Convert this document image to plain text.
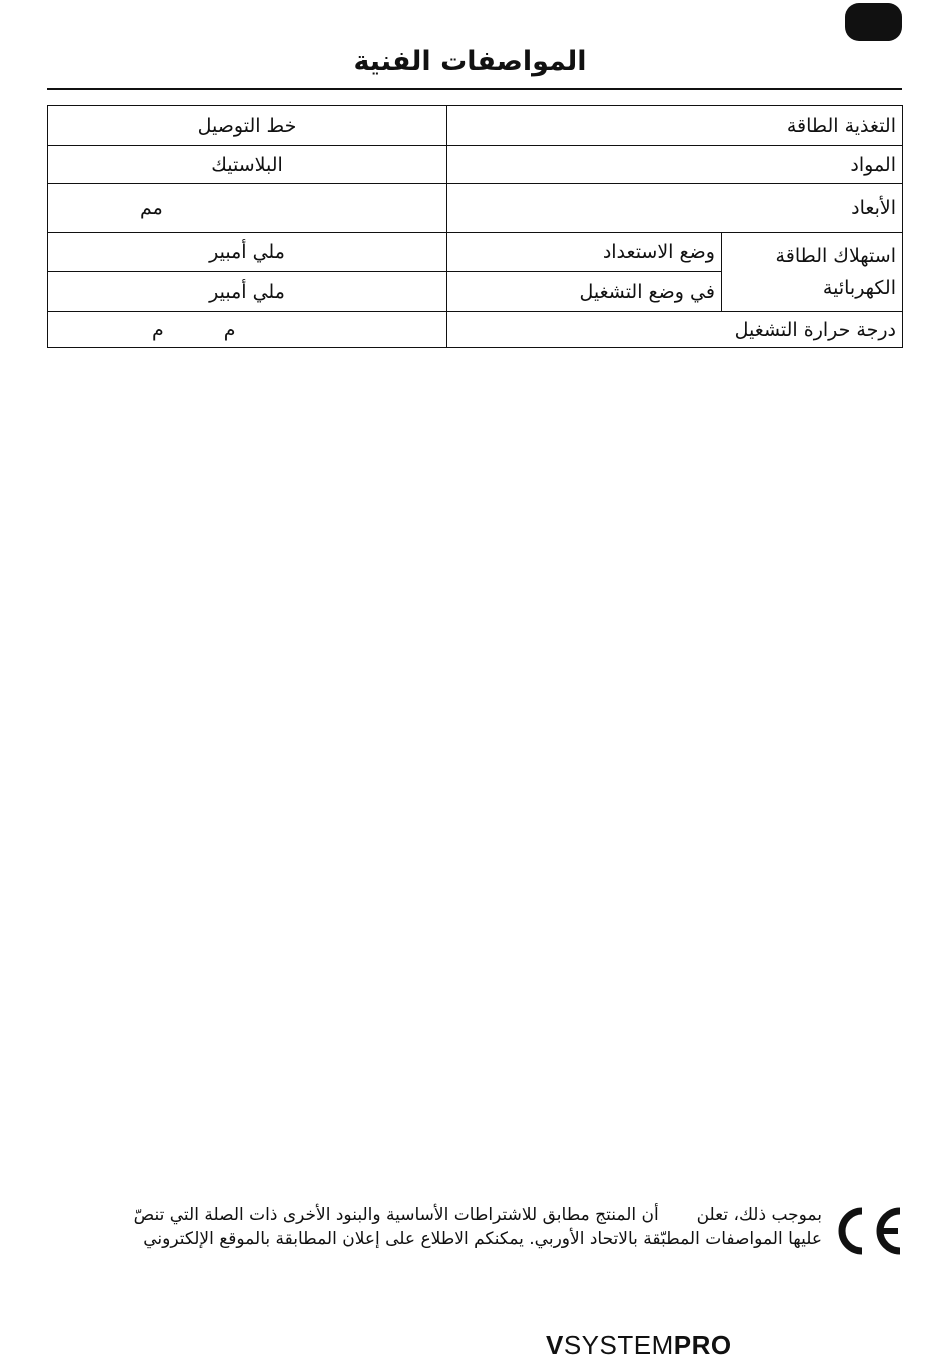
المواصفات الفنية
التغذية الطاقة		خط التوصيل
المواد		البلاستيك
الأبعاد		مم

استهلاك الطاقة
الكهربائية	وضع الاستعداد	ملي أمبير
	في وضع التشغيل	ملي أمبير
درجة حرارة التشغيل		مم
بموجب ذلك، تعلن       أن المنتج مطابق للاشتراطات الأساسية والبنود الأخرى ذات الصلة التي تنصّ
عليها المواصفات المطبّقة بالاتحاد الأوربي. يمكنكم الاطلاع على إعلان المطابقة بالموقع الإلكتروني
VSYSTEMPRO
